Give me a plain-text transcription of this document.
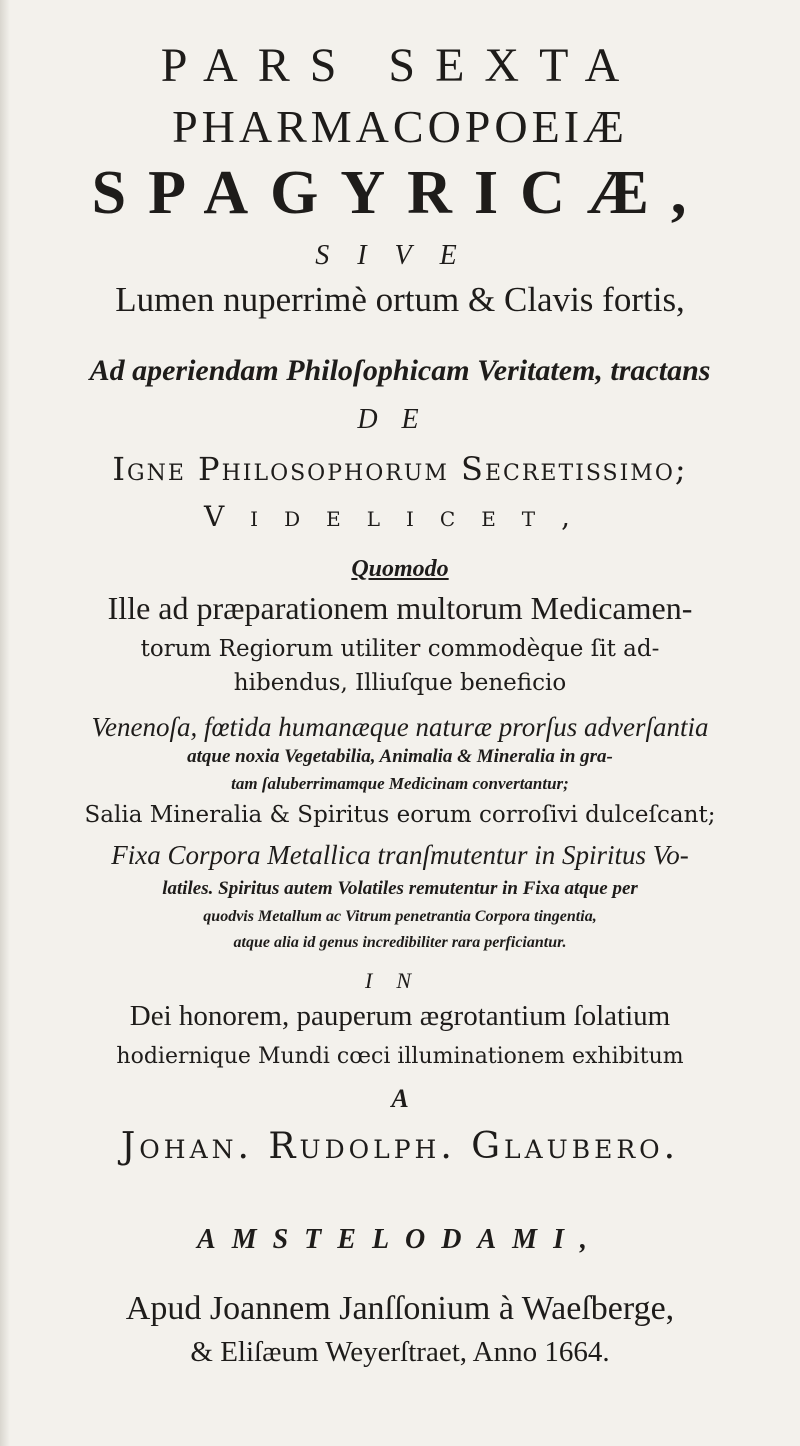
PARS SEXTA
PHARMACOPOEIÆ
SPAGYRICÆ,
SIVE
Lumen nuperrimè ortum & Clavis fortis,
Ad aperiendam Philoſophicam Veritatem, tractans
DE
Igne Philosophorum Secretissimo;
Videlicet,
Quomodo
Ille ad præparationem multorum Medicamen-
torum Regiorum utiliter commodèque ſit ad-
hibendus, Illiuſque beneficio
Venenoſa, fœtida humanæque naturæ prorſus adverſantia
atque noxia Vegetabilia, Animalia & Mineralia in gra-
tam ſaluberrimamque Medicinam convertantur;
Salia Mineralia & Spiritus eorum corroſivi dulceſcant;
Fixa Corpora Metallica tranſmutentur in Spiritus Vo-
latiles. Spiritus autem Volatiles remutentur in Fixa atque per
quodvis Metallum ac Vitrum penetrantia Corpora tingentia,
atque alia id genus incredibiliter rara perficiantur.
IN
Dei honorem, pauperum ægrotantium ſolatium
hodiernique Mundi cœci illuminationem exhibitum
A
Johan. Rudolph. Glaubero.
AMSTELODAMI,
Apud Joannem Janſſonium à Waeſberge,
& Eliſæum Weyerſtraet, Anno 1664.
